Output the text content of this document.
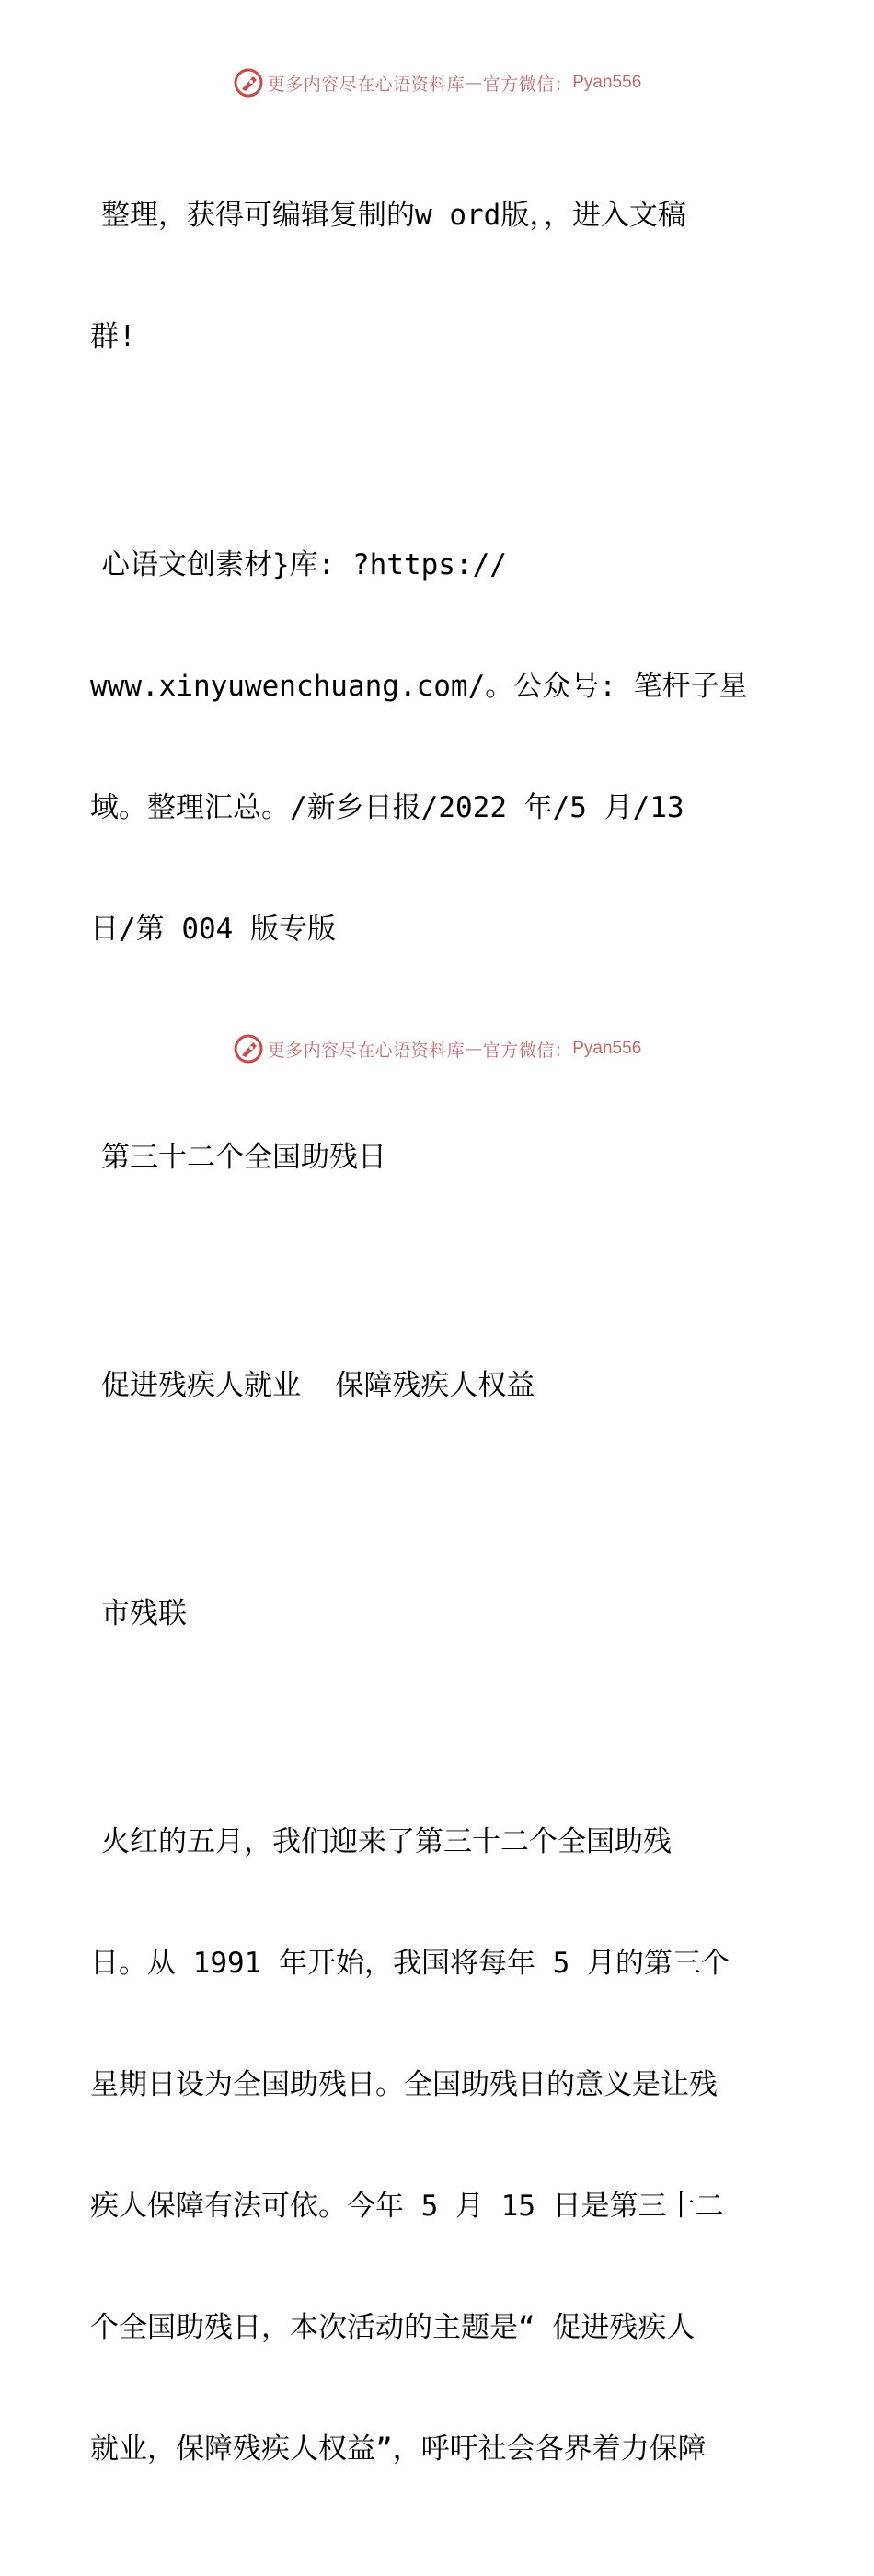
更多内容尽在心语资料库 — 官方微信： Pyan556

整理，获得可编辑复制的w ord版，，进入文稿

群!

心语文创素材}库: ?https://

www.xinyuwenchuang.com/。公众号: 笔杆子星

域。整理汇总。/新乡日报/2022 年/5 月/13

日/第 004 版专版

第三十二个全国助残日

促进残疾人就业  保障残疾人权益

市残联

火红的五月，我们迎来了第三十二个全国助残

日。从 1991 年开始，我国将每年 5 月的第三个

星期日设为全国助残日。全国助残日的意义是让残

疾人保障有法可依。今年 5 月 15 日是第三十二

个全国助残日，本次活动的主题是“ 促进残疾人

就业，保障残疾人权益”，呼吁社会各界着力保障

更多内容尽在心语资料库 — 官方微信： Pyan556
